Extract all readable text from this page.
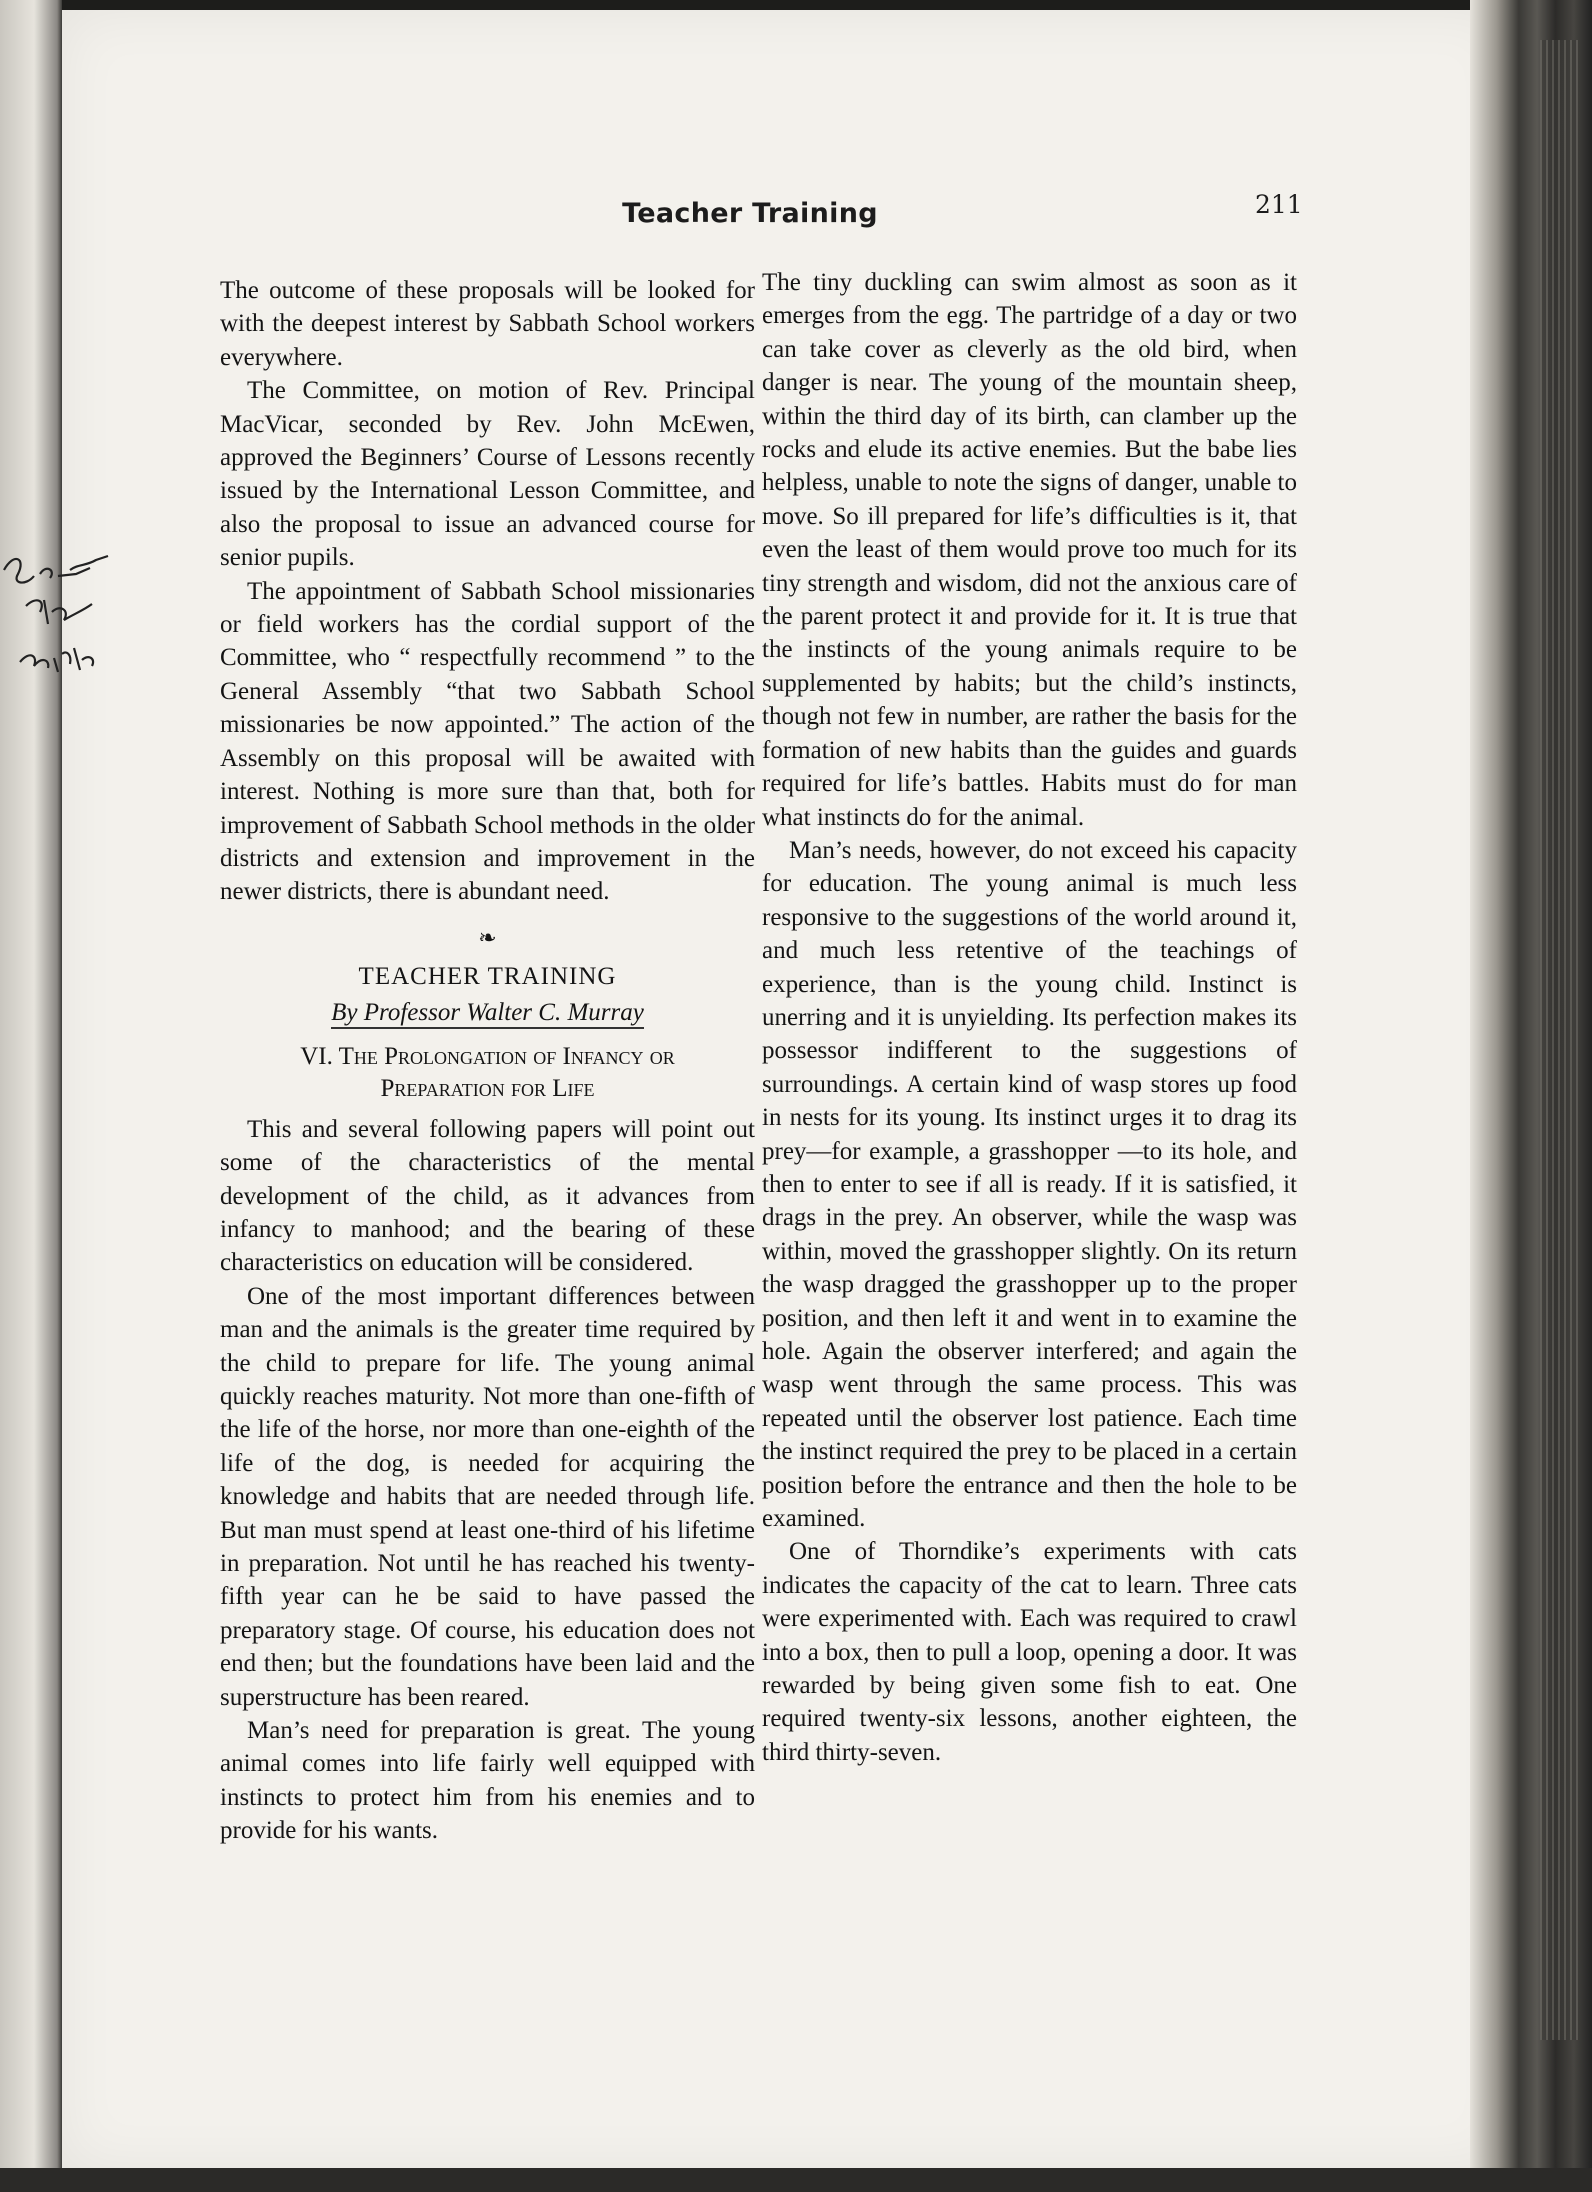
Teacher Training	211

The outcome of these proposals will be looked for with the deepest interest by Sabbath School workers everywhere.

The Committee, on motion of Rev. Principal MacVicar, seconded by Rev. John McEwen, approved the Beginners’ Course of Lessons recently issued by the International Lesson Committee, and also the proposal to issue an advanced course for senior pupils.

The appointment of Sabbath School missionaries or field workers has the cordial support of the Committee, who “ respectfully recommend ” to the General Assembly “that two Sabbath School missionaries be now appointed.” The action of the Assembly on this proposal will be awaited with interest. Nothing is more sure than that, both for improvement of Sabbath School methods in the older districts and extension and improvement in the newer districts, there is abundant need.

❧
TEACHER TRAINING
By Professor Walter C. Murray
VI. The Prolongation of Infancy or
Preparation for Life

This and several following papers will point out some of the characteristics of the mental development of the child, as it advances from infancy to manhood; and the bearing of these characteristics on education will be considered.

One of the most important differences between man and the animals is the greater time required by the child to prepare for life. The young animal quickly reaches maturity. Not more than one-fifth of the life of the horse, nor more than one-eighth of the life of the dog, is needed for acquiring the knowledge and habits that are needed through life. But man must spend at least one-third of his lifetime in preparation. Not until he has reached his twenty-fifth year can he be said to have passed the preparatory stage. Of course, his education does not end then; but the foundations have been laid and the superstructure has been reared.

Man’s need for preparation is great. The young animal comes into life fairly well equipped with instincts to protect him from his enemies and to provide for his wants.

The tiny duckling can swim almost as soon as it emerges from the egg. The partridge of a day or two can take cover as cleverly as the old bird, when danger is near. The young of the mountain sheep, within the third day of its birth, can clamber up the rocks and elude its active enemies. But the babe lies helpless, unable to note the signs of danger, unable to move. So ill prepared for life’s difficulties is it, that even the least of them would prove too much for its tiny strength and wisdom, did not the anxious care of the parent protect it and provide for it. It is true that the instincts of the young animals require to be supplemented by habits; but the child’s instincts, though not few in number, are rather the basis for the formation of new habits than the guides and guards required for life’s battles. Habits must do for man what instincts do for the animal.

Man’s needs, however, do not exceed his capacity for education. The young animal is much less responsive to the suggestions of the world around it, and much less retentive of the teachings of experience, than is the young child. Instinct is unerring and it is unyielding. Its perfection makes its possessor indifferent to the suggestions of surroundings. A certain kind of wasp stores up food in nests for its young. Its instinct urges it to drag its prey—for example, a grasshopper —to its hole, and then to enter to see if all is ready. If it is satisfied, it drags in the prey. An observer, while the wasp was within, moved the grasshopper slightly. On its return the wasp dragged the grasshopper up to the proper position, and then left it and went in to examine the hole. Again the observer interfered; and again the wasp went through the same process. This was repeated until the observer lost patience. Each time the instinct required the prey to be placed in a certain position before the entrance and then the hole to be examined.

One of Thorndike’s experiments with cats indicates the capacity of the cat to learn. Three cats were experimented with. Each was required to crawl into a box, then to pull a loop, opening a door. It was rewarded by being given some fish to eat. One required twenty-six lessons, another eighteen, the third thirty-seven.
